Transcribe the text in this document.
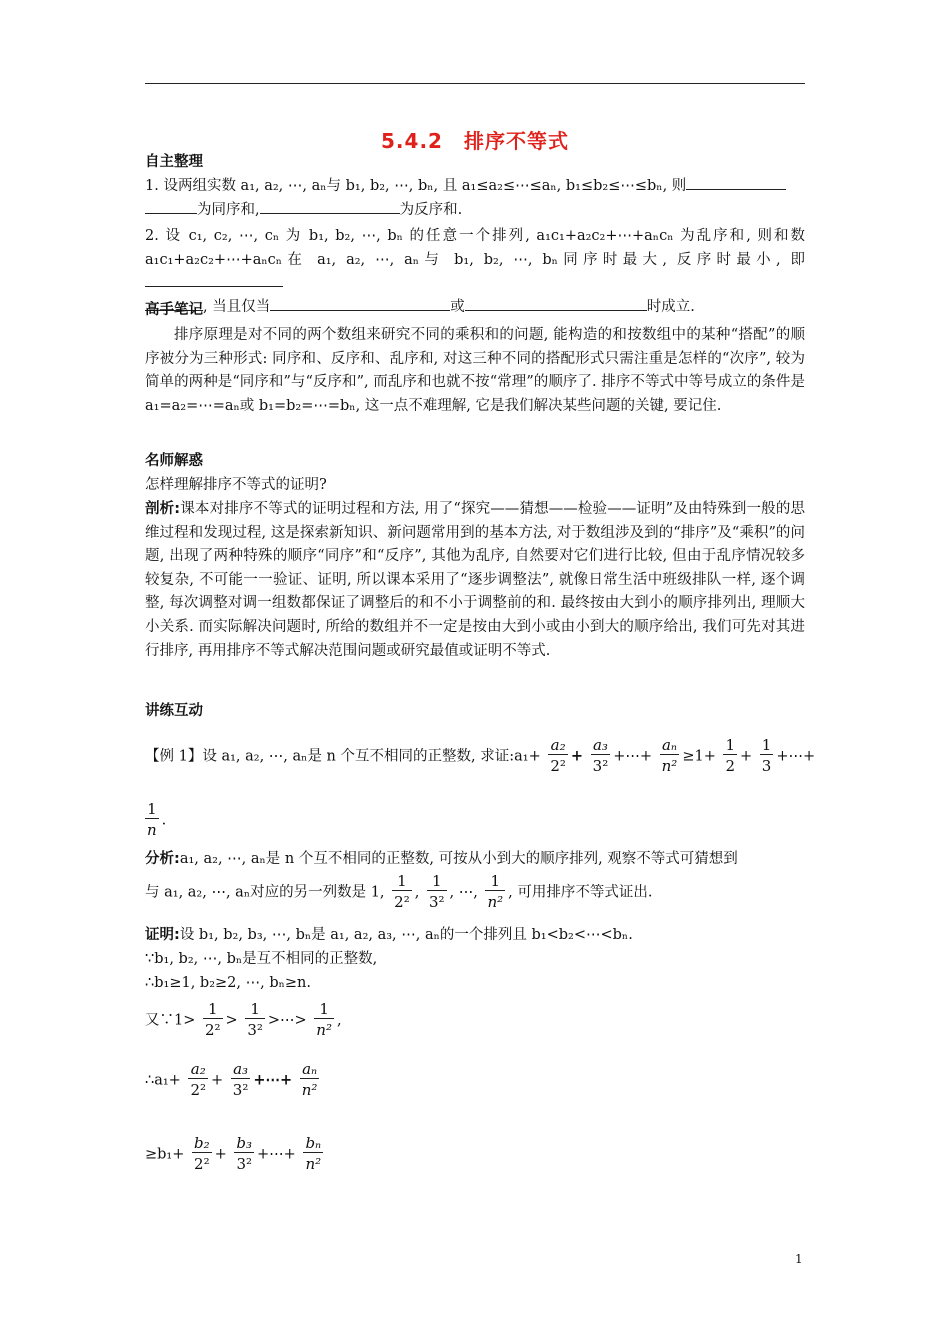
5.4.2　排序不等式
自主整理
1. 设两组实数 a₁, a₂, ⋯, aₙ与 b₁, b₂, ⋯, bₙ, 且 a₁≤a₂≤⋯≤aₙ, b₁≤b₂≤⋯≤bₙ, 则
为同序和,	为反序和.
2. 设 c₁, c₂, ⋯, cₙ 为 b₁, b₂, ⋯, bₙ 的任意一个排列, a₁c₁+a₂c₂+⋯+aₙcₙ 为乱序和, 则和数 a₁c₁+a₂c₂+⋯+aₙcₙ在 a₁, a₂, ⋯, aₙ与 b₁, b₂, ⋯, bₙ同序时最大, 反序时最小, 即
, 当且仅当	或	时成立.
高手笔记
排序原理是对不同的两个数组来研究不同的乘积和的问题, 能构造的和按数组中的某种“搭配”的顺序被分为三种形式: 同序和、反序和、乱序和, 对这三种不同的搭配形式只需注重是怎样的“次序”, 较为简单的两种是“同序和”与“反序和”, 而乱序和也就不按“常理”的顺序了. 排序不等式中等号成立的条件是 a₁=a₂=⋯=aₙ或 b₁=b₂=⋯=bₙ, 这一点不难理解, 它是我们解决某些问题的关键, 要记住.
名师解惑
怎样理解排序不等式的证明?
剖析:课本对排序不等式的证明过程和方法, 用了“探究——猜想——检验——证明”及由特殊到一般的思维过程和发现过程, 这是探索新知识、新问题常用到的基本方法, 对于数组涉及到的“排序”及“乘积”的问题, 出现了两种特殊的顺序“同序”和“反序”, 其他为乱序, 自然要对它们进行比较, 但由于乱序情况较多较复杂, 不可能一一验证、证明, 所以课本采用了“逐步调整法”, 就像日常生活中班级排队一样, 逐个调整, 每次调整对调一组数都保证了调整后的和不小于调整前的和. 最终按由大到小的顺序排列出, 理顺大小关系. 而实际解决问题时, 所给的数组并不一定是按由大到小或由小到大的顺序给出, 我们可先对其进行排序, 再用排序不等式解决范围问题或研究最值或证明不等式.
讲练互动
【例 1】设 a₁, a₂, ⋯, aₙ是 n 个互不相同的正整数, 求证:a₁+ $\frac{\text{a₂}}{\text{2²}} + \frac{\text{a₃}}{\text{3²}}$ +⋯+ $\frac{\text{aₙ}}{\text{n²}} \ge 1+ \frac{1}{2} + \frac{1}{3}$ +⋯+
$\frac{1}{n}$ .
分析:a₁, a₂, ⋯, aₙ是 n 个互不相同的正整数, 可按从小到大的顺序排列, 观察不等式可猜想到
与 a₁, a₂, ⋯, aₙ对应的另一列数是 1, $\frac{1}{\text{2²}}$ , $\frac{1}{\text{3²}}$ , ⋯, $\frac{1}{\text{n²}}$ , 可用排序不等式证出.
证明:设 b₁, b₂, b₃, ⋯, bₙ是 a₁, a₂, a₃, ⋯, aₙ的一个排列且 b₁<b₂<⋯<bₙ.
∵b₁, b₂, ⋯, bₙ是互不相同的正整数,
∴b₁≥1, b₂≥2, ⋯, bₙ≥n.
又∵1> $\frac{1}{\text{2²}} > \frac{1}{\text{3²}}$ >⋯> $\frac{1}{\text{n²}}$ ,
∴a₁+ $\frac{\text{a₂}}{\text{2²}} + \frac{\text{a₃}}{\text{3²}}$ +⋯+ $\frac{\text{aₙ}}{\text{n²}}$
$\ge b_1+ \frac{\text{b₂}}{\text{2²}} + \frac{\text{b₃}}{\text{3²}}$ +⋯+ $\frac{\text{bₙ}}{\text{n²}}$
1
